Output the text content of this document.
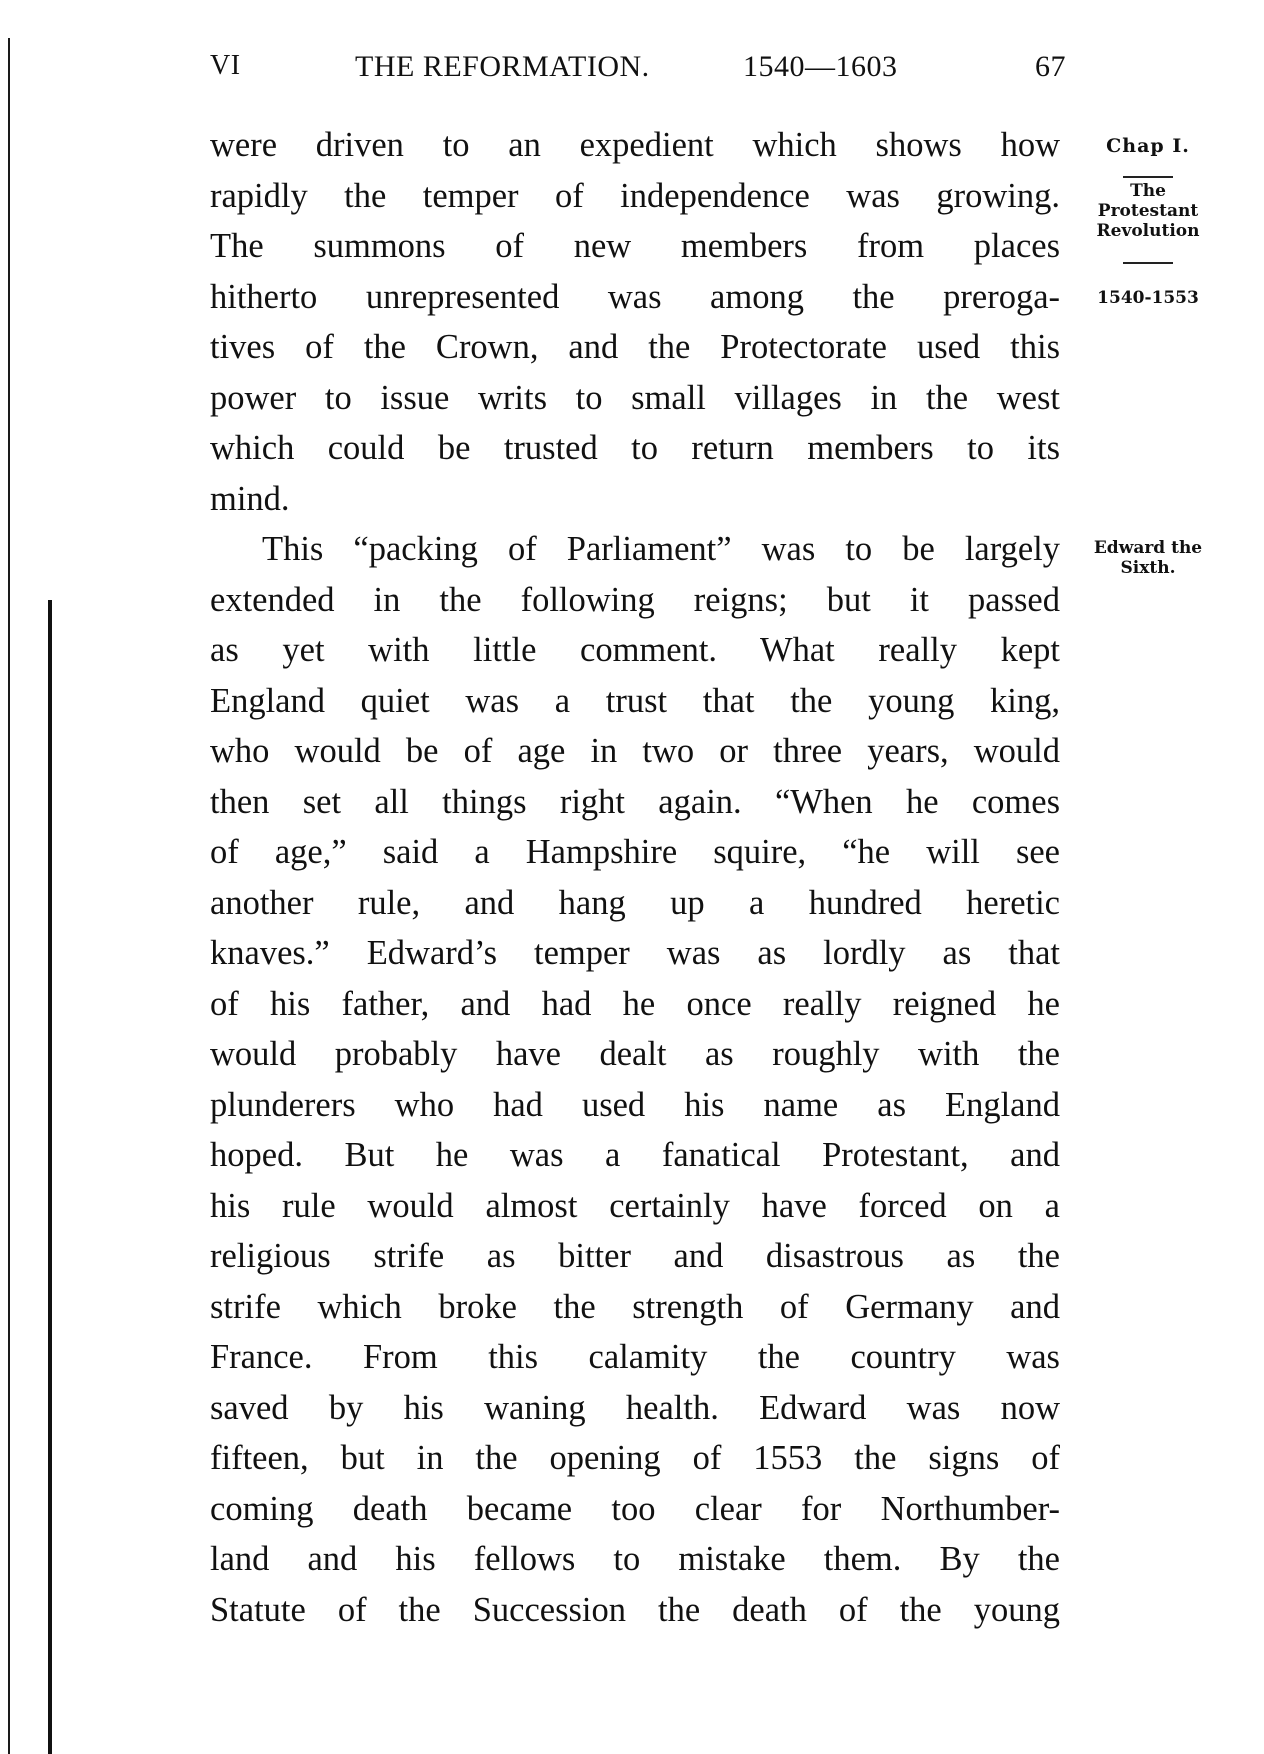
VI	THE REFORMATION.	1540—1603	67
were driven to an expedient which shows how
rapidly the temper of independence was growing.
The summons of new members from places
hitherto unrepresented was among the preroga-
tives of the Crown, and the Protectorate used this
power to issue writs to small villages in the west
which could be trusted to return members to its
mind.
This “packing of Parliament” was to be largely
extended in the following reigns; but it passed
as yet with little comment. What really kept
England quiet was a trust that the young king,
who would be of age in two or three years, would
then set all things right again. “When he comes
of age,” said a Hampshire squire, “he will see
another rule, and hang up a hundred heretic
knaves.” Edward’s temper was as lordly as that
of his father, and had he once really reigned he
would probably have dealt as roughly with the
plunderers who had used his name as England
hoped. But he was a fanatical Protestant, and
his rule would almost certainly have forced on a
religious strife as bitter and disastrous as the
strife which broke the strength of Germany and
France. From this calamity the country was
saved by his waning health. Edward was now
fifteen, but in the opening of 1553 the signs of
coming death became too clear for Northumber-
land and his fellows to mistake them. By the
Statute of the Succession the death of the young
Chap I.
The
Protestant
Revolution
1540-1553
Edward the
Sixth.
